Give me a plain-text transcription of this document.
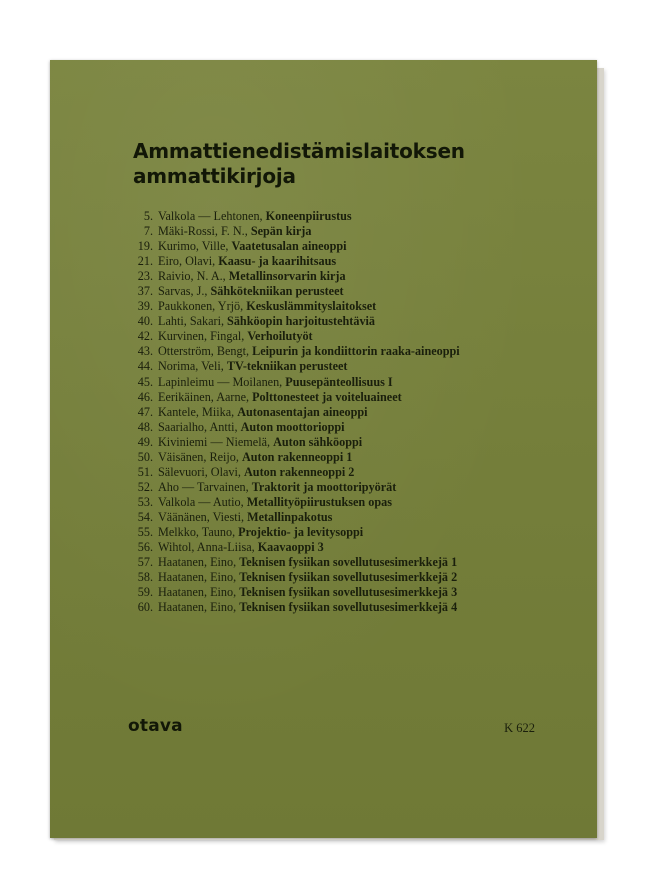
Ammattienedistämislaitoksen
ammattikirjoja
5. Valkola — Lehtonen, Koneenpiirustus
7. Mäki-Rossi, F. N., Sepän kirja
19. Kurimo, Ville, Vaatetusalan aineoppi
21. Eiro, Olavi, Kaasu- ja kaarihitsaus
23. Raivio, N. A., Metallinsorvarin kirja
37. Sarvas, J., Sähkötekniikan perusteet
39. Paukkonen, Yrjö, Keskuslämmityslaitokset
40. Lahti, Sakari, Sähköopin harjoitustehtäviä
42. Kurvinen, Fingal, Verhoilutyöt
43. Otterström, Bengt, Leipurin ja kondiittorin raaka-aineoppi
44. Norima, Veli, TV-tekniikan perusteet
45. Lapinleimu — Moilanen, Puusepänteollisuus I
46. Eerikäinen, Aarne, Polttonesteet ja voiteluaineet
47. Kantele, Miika, Autonasentajan aineoppi
48. Saarialho, Antti, Auton moottorioppi
49. Kiviniemi — Niemelä, Auton sähköoppi
50. Väisänen, Reijo, Auton rakenneoppi 1
51. Sälevuori, Olavi, Auton rakenneoppi 2
52. Aho — Tarvainen, Traktorit ja moottoripyörät
53. Valkola — Autio, Metallityöpiirustuksen opas
54. Väänänen, Viesti, Metallinpakotus
55. Melkko, Tauno, Projektio- ja levitysoppi
56. Wihtol, Anna-Liisa, Kaavaoppi 3
57. Haatanen, Eino, Teknisen fysiikan sovellutusesimerkkejä 1
58. Haatanen, Eino, Teknisen fysiikan sovellutusesimerkkejä 2
59. Haatanen, Eino, Teknisen fysiikan sovellutusesimerkkejä 3
60. Haatanen, Eino, Teknisen fysiikan sovellutusesimerkkejä 4
otava	K 622
